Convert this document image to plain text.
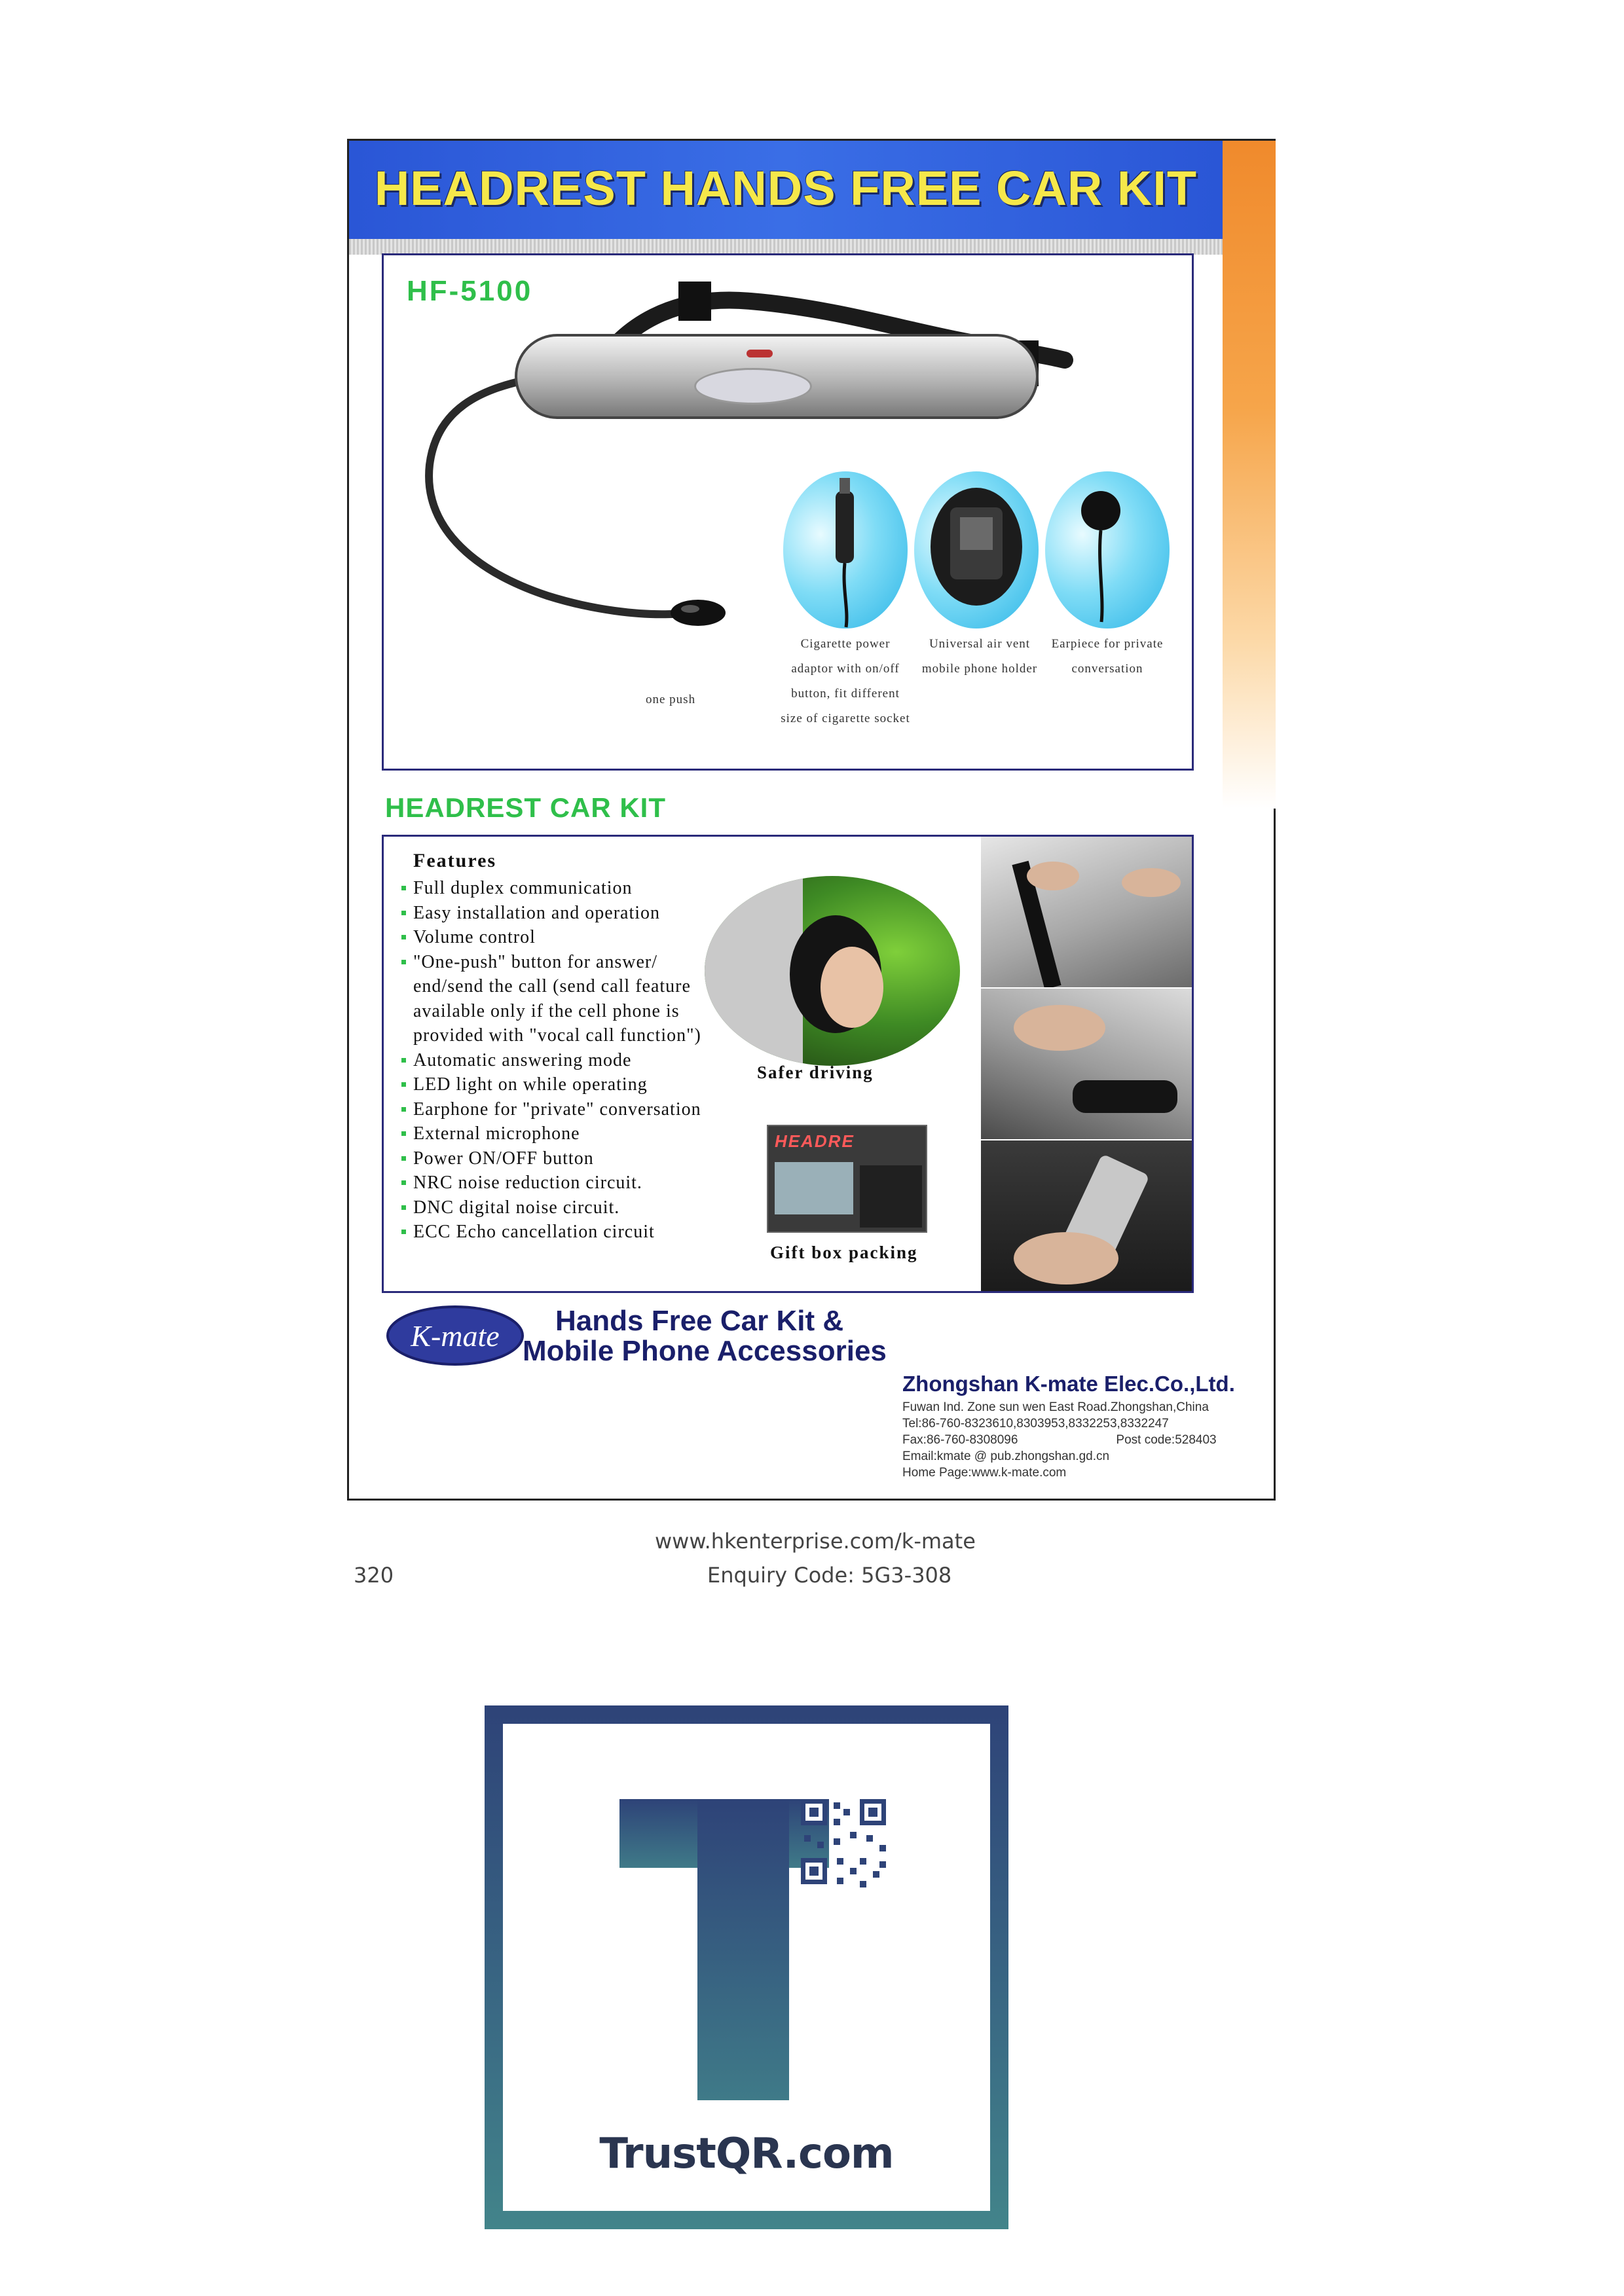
HEADREST HANDS FREE CAR KIT
HF-5100
one push
Cigarette power
adaptor with on/off
button, fit different
size of cigarette socket
Universal air vent
mobile phone holder
Earpiece for private
conversation
HEADREST CAR KIT
Features
Full duplex communication
Easy installation and operation
Volume control
"One-push" button for answer/ end/send the call (send call feature available only if the cell phone is provided with "vocal call function")
Automatic answering mode
LED light on while operating
Earphone for "private" conversation
External microphone
Power ON/OFF button
NRC noise reduction circuit.
DNC digital noise circuit.
ECC Echo cancellation circuit
Safer driving
HEADRE
Gift box packing
K-mate	Hands Free Car Kit &
Mobile Phone Accessories
Zhongshan K-mate Elec.Co.,Ltd.
Fuwan Ind. Zone sun wen East Road.Zhongshan,China
Tel:86-760-8323610,8303953,8332253,8332247
Fax:86-760-8308096	Post code:528403
Email:kmate @ pub.zhongshan.gd.cn
Home Page:www.k-mate.com
www.hkenterprise.com/k-mate
320	Enquiry Code: 5G3-308
TrustQR.com
